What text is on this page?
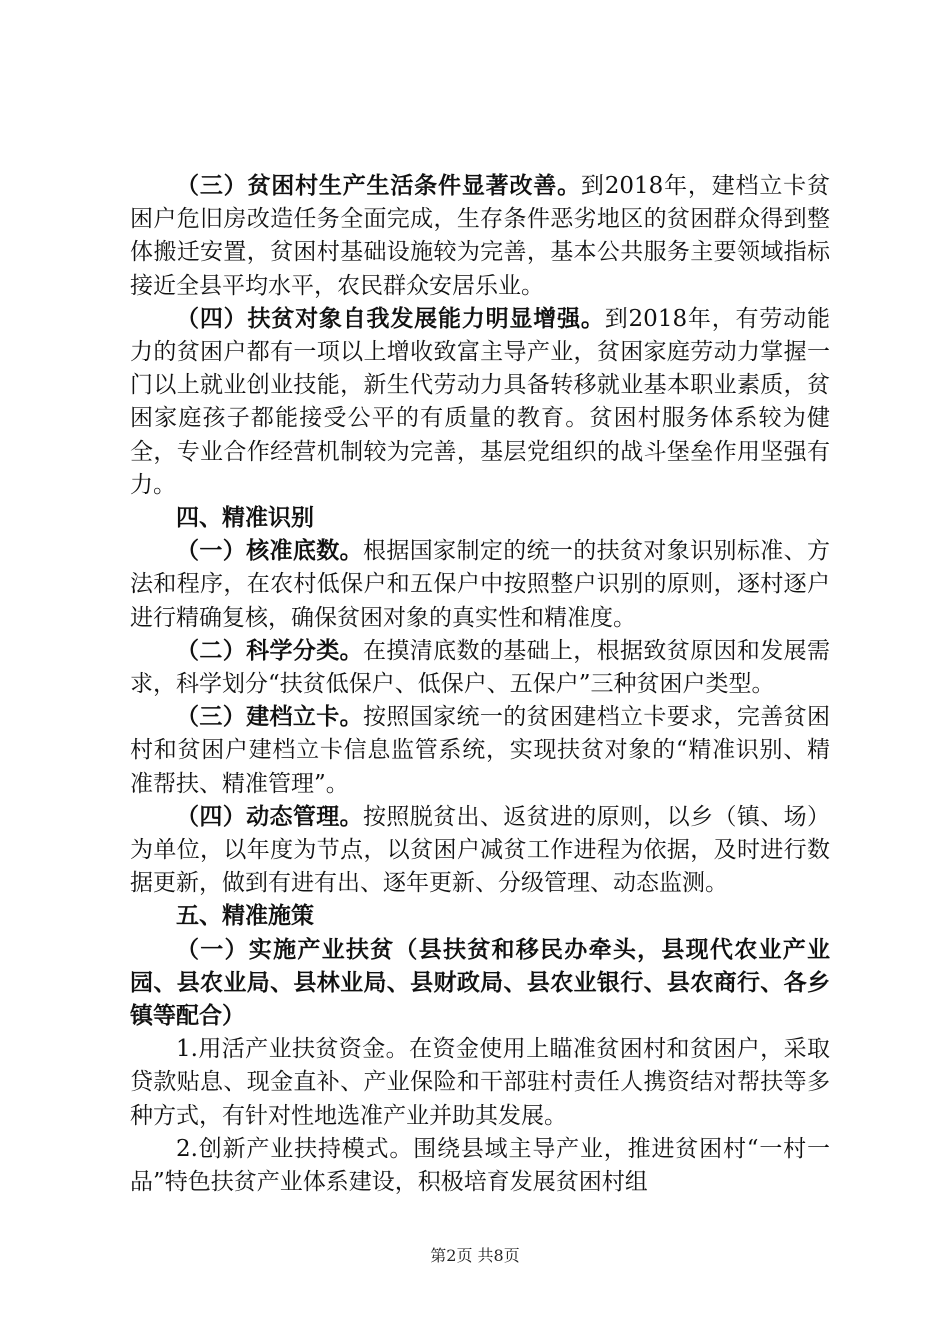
（三）贫困村生产生活条件显著改善。到2018年，建档立卡贫困户危旧房改造任务全面完成，生存条件恶劣地区的贫困群众得到整体搬迁安置，贫困村基础设施较为完善，基本公共服务主要领域指标接近全县平均水平，农民群众安居乐业。

（四）扶贫对象自我发展能力明显增强。到2018年，有劳动能力的贫困户都有一项以上增收致富主导产业，贫困家庭劳动力掌握一门以上就业创业技能，新生代劳动力具备转移就业基本职业素质，贫困家庭孩子都能接受公平的有质量的教育。贫困村服务体系较为健全，专业合作经营机制较为完善，基层党组织的战斗堡垒作用坚强有力。

四、精准识别

（一）核准底数。根据国家制定的统一的扶贫对象识别标准、方法和程序，在农村低保户和五保户中按照整户识别的原则，逐村逐户进行精确复核，确保贫困对象的真实性和精准度。

（二）科学分类。在摸清底数的基础上，根据致贫原因和发展需求，科学划分“扶贫低保户、低保户、五保户”三种贫困户类型。

（三）建档立卡。按照国家统一的贫困建档立卡要求，完善贫困村和贫困户建档立卡信息监管系统，实现扶贫对象的“精准识别、精准帮扶、精准管理”。

（四）动态管理。按照脱贫出、返贫进的原则，以乡（镇、场）为单位，以年度为节点，以贫困户减贫工作进程为依据，及时进行数据更新，做到有进有出、逐年更新、分级管理、动态监测。

五、精准施策

（一）实施产业扶贫（县扶贫和移民办牵头，县现代农业产业园、县农业局、县林业局、县财政局、县农业银行、县农商行、各乡镇等配合）

1.用活产业扶贫资金。在资金使用上瞄准贫困村和贫困户，采取贷款贴息、现金直补、产业保险和干部驻村责任人携资结对帮扶等多种方式，有针对性地选准产业并助其发展。

2.创新产业扶持模式。围绕县域主导产业，推进贫困村“一村一品”特色扶贫产业体系建设，积极培育发展贫困村组

第2页 共8页
